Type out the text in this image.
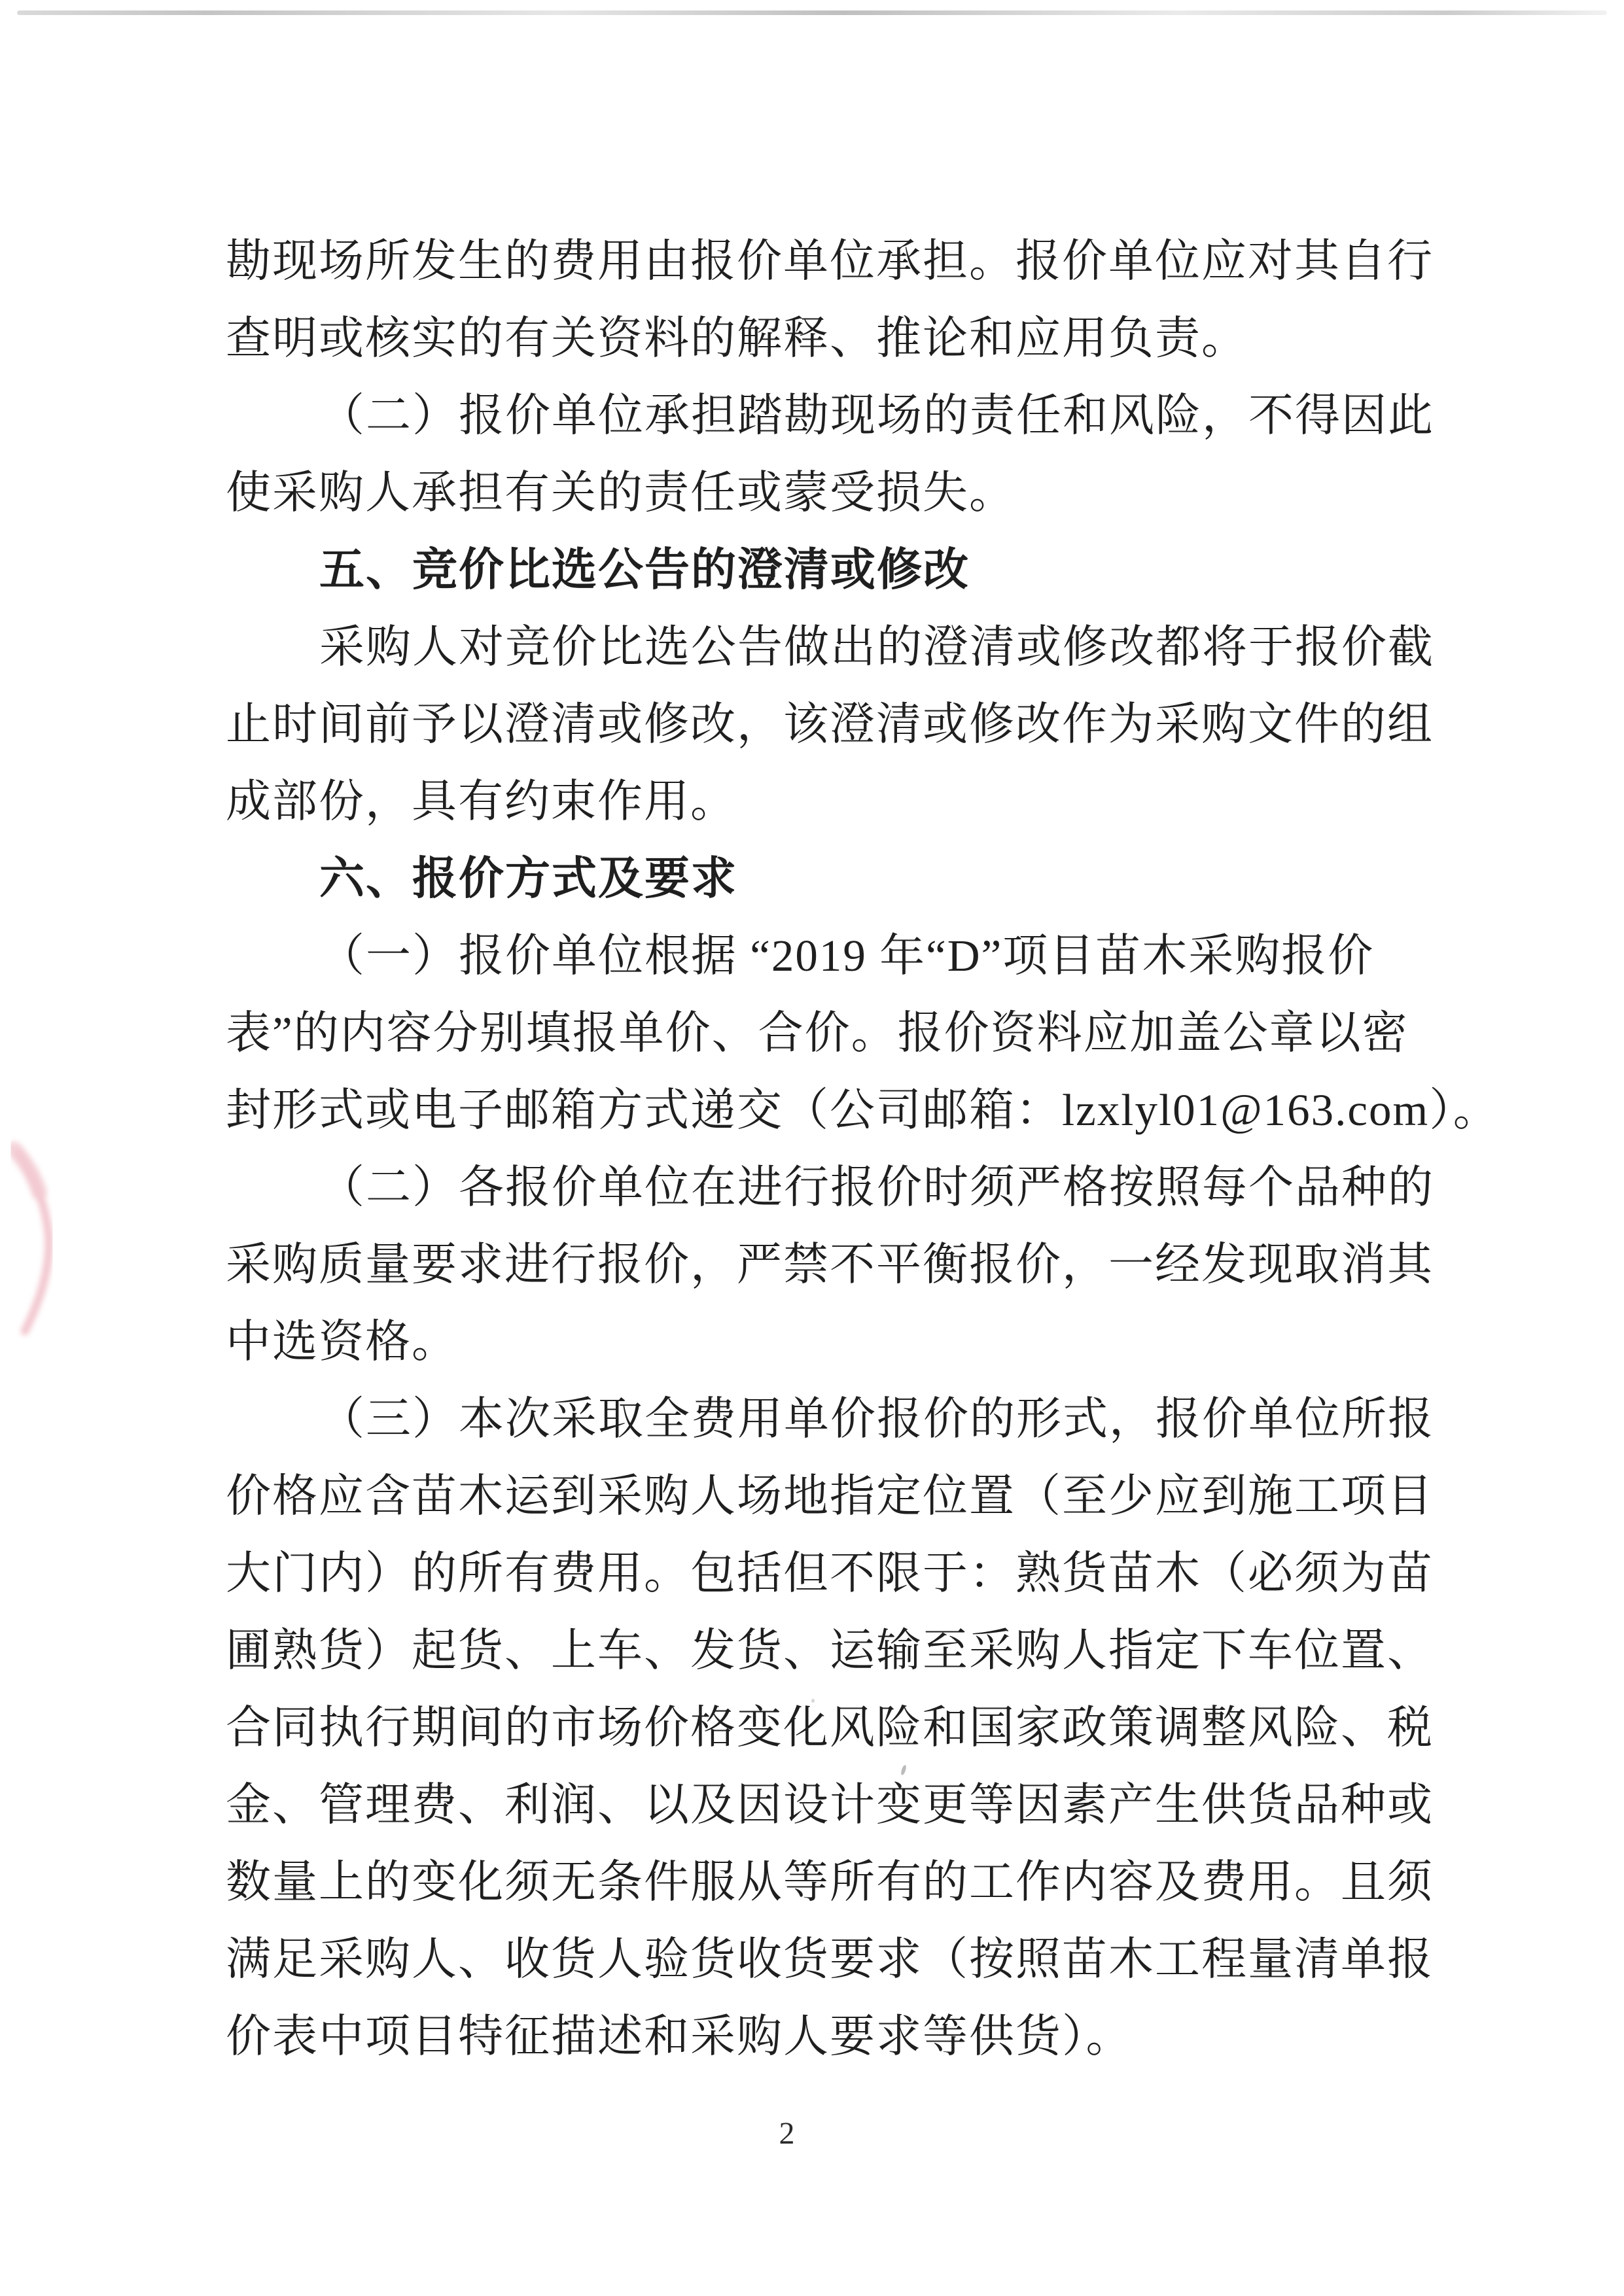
勘现场所发生的费用由报价单位承担。报价单位应对其自行
查明或核实的有关资料的解释、推论和应用负责。
（二）报价单位承担踏勘现场的责任和风险，不得因此
使采购人承担有关的责任或蒙受损失。
五、竞价比选公告的澄清或修改
采购人对竞价比选公告做出的澄清或修改都将于报价截
止时间前予以澄清或修改，该澄清或修改作为采购文件的组
成部份，具有约束作用。
六、报价方式及要求
（一）报价单位根据 “2019 年“D”项目苗木采购报价
表”的内容分别填报单价、合价。报价资料应加盖公章以密
封形式或电子邮箱方式递交（公司邮箱：lzxlyl01@163.com）。
（二）各报价单位在进行报价时须严格按照每个品种的
采购质量要求进行报价，严禁不平衡报价，一经发现取消其
中选资格。
（三）本次采取全费用单价报价的形式，报价单位所报
价格应含苗木运到采购人场地指定位置（至少应到施工项目
大门内）的所有费用。包括但不限于：熟货苗木（必须为苗
圃熟货）起货、上车、发货、运输至采购人指定下车位置、
合同执行期间的市场价格变化风险和国家政策调整风险、税
金、管理费、利润、以及因设计变更等因素产生供货品种或
数量上的变化须无条件服从等所有的工作内容及费用。且须
满足采购人、收货人验货收货要求（按照苗木工程量清单报
价表中项目特征描述和采购人要求等供货）。
2
